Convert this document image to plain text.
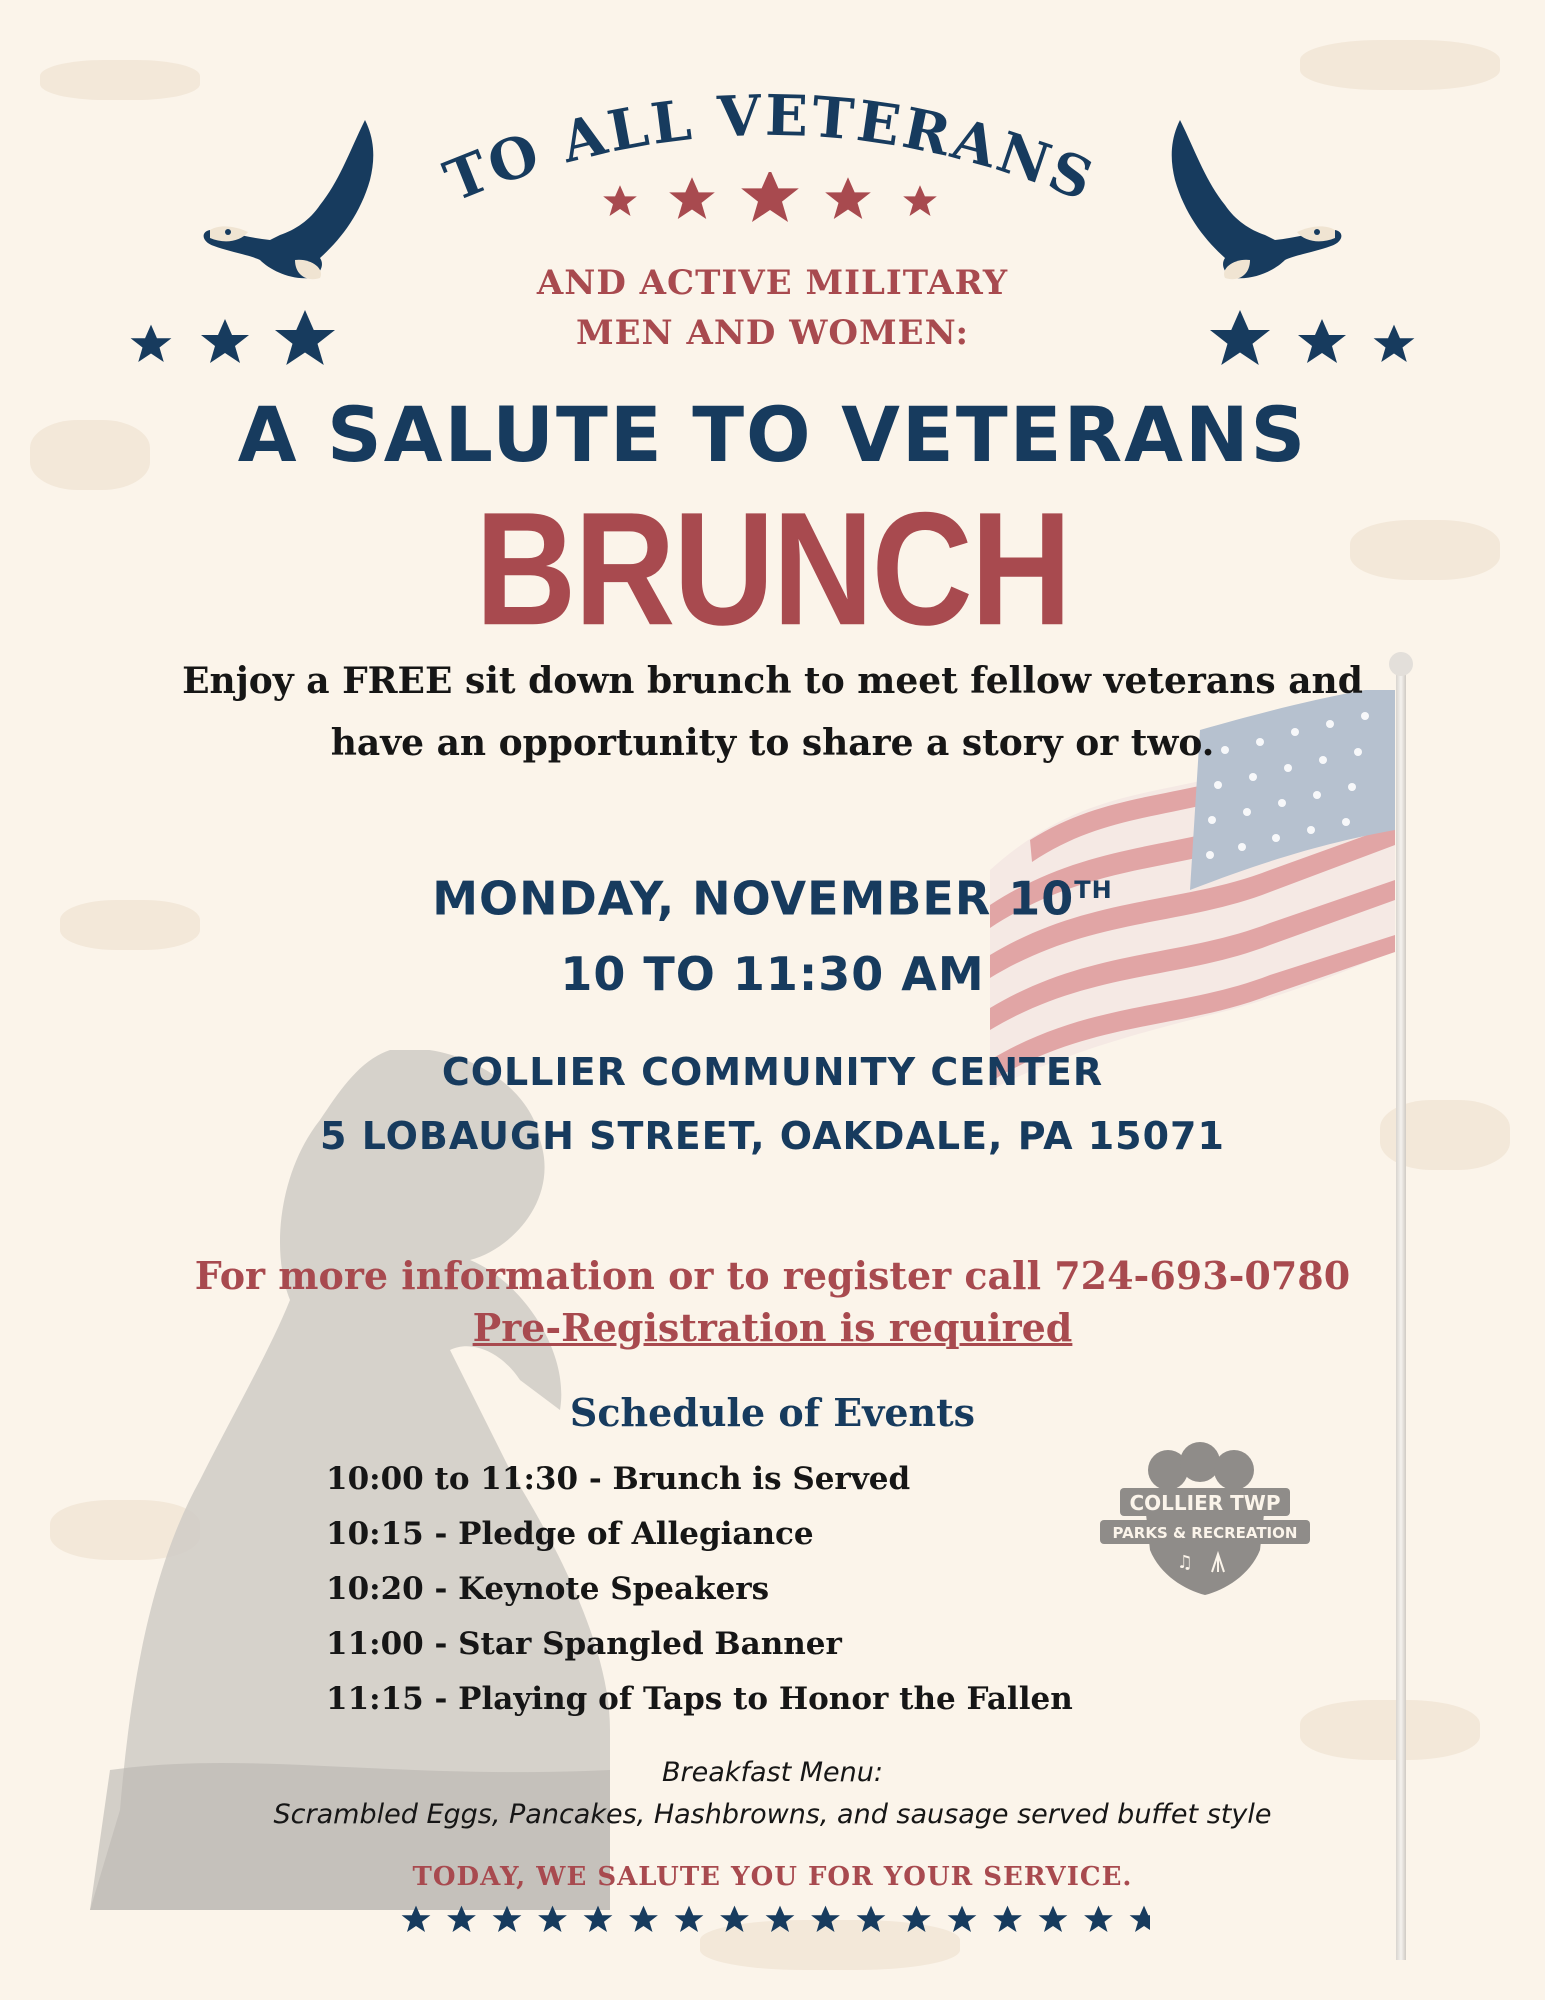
TO ALL VETERANS
AND ACTIVE MILITARY
MEN AND WOMEN:
A SALUTE TO VETERANS
BRUNCH
Enjoy a FREE sit down brunch to meet fellow veterans and
have an opportunity to share a story or two.
MONDAY, NOVEMBER 10TH
10 TO 11:30 AM
COLLIER COMMUNITY CENTER
5 LOBAUGH STREET, OAKDALE, PA 15071
For more information or to register call 724-693-0780
Pre-Registration is required
Schedule of Events
10:00 to 11:30 - Brunch is Served
10:15 - Pledge of Allegiance
10:20 - Keynote Speakers
11:00 - Star Spangled Banner
11:15 - Playing of Taps to Honor the Fallen
COLLIER TWP
PARKS & RECREATION
♫
Breakfast Menu:
Scrambled Eggs, Pancakes, Hashbrowns, and sausage served buffet style
TODAY, WE SALUTE YOU FOR YOUR SERVICE.
